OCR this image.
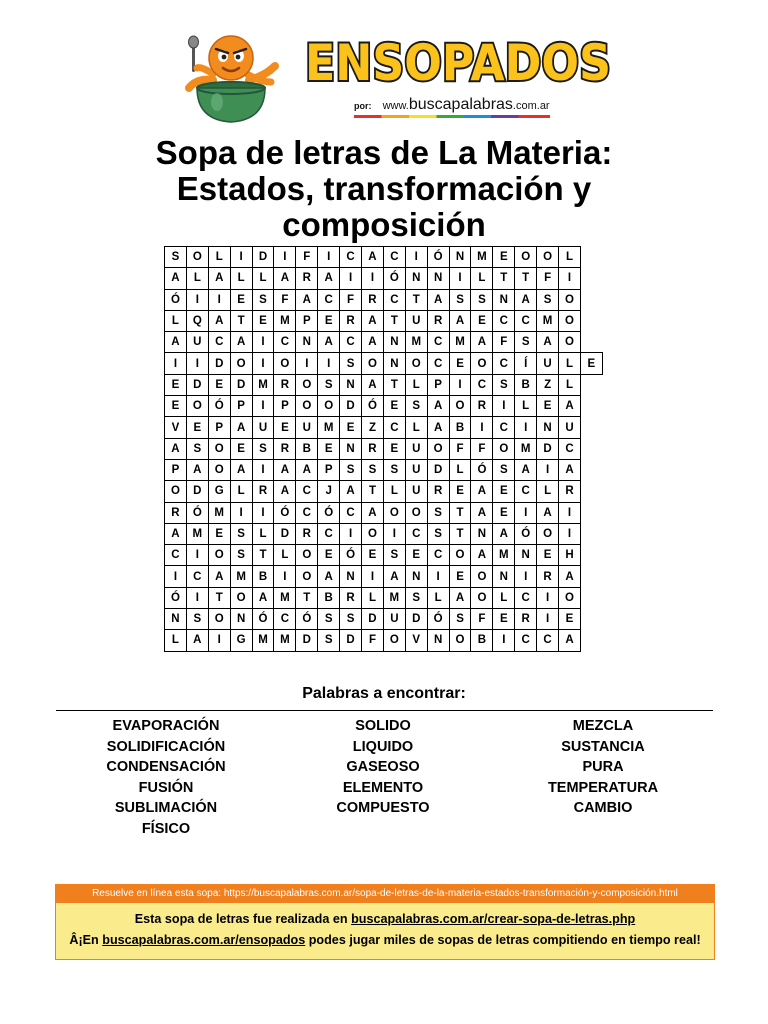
ENSOPADOS
por: www.buscapalabras.com.ar
Sopa de letras de La Materia:
Estados, transformación y
composición
S	O	L	I	D	I	F	I	C	A	C	I	Ó	N	M	E	O	O	L	
A	L	A	L	L	A	R	A	I	I	Ó	N	N	I	L	T	T	F	I	
Ó	I	I	E	S	F	A	C	F	R	C	T	A	S	S	N	A	S	O	
L	Q	A	T	E	M	P	E	R	A	T	U	R	A	E	C	C	M	O	
A	U	C	A	I	C	N	A	C	A	N	M	C	M	A	F	S	A	O	
I	I	D	O	I	O	I	I	S	O	N	O	C	E	O	C	Í	U	L	E
E	D	E	D	M	R	O	S	N	A	T	L	P	I	C	S	B	Z	L	
E	O	Ó	P	I	P	O	O	D	Ó	E	S	A	O	R	I	L	E	A	
V	E	P	A	U	E	U	M	E	Z	C	L	A	B	I	C	I	N	U	
A	S	O	E	S	R	B	E	N	R	E	U	O	F	F	O	M	D	C	
P	A	O	A	I	A	A	P	S	S	S	U	D	L	Ó	S	A	I	A	
O	D	G	L	R	A	C	J	A	T	L	U	R	E	A	E	C	L	R	
R	Ó	M	I	I	Ó	C	Ó	C	A	O	O	S	T	A	E	I	A	I	
A	M	E	S	L	D	R	C	I	O	I	C	S	T	N	A	Ó	O	I	
C	I	O	S	T	L	O	E	Ó	E	S	E	C	O	A	M	N	E	H	
I	C	A	M	B	I	O	A	N	I	A	N	I	E	O	N	I	R	A	
Ó	I	T	O	A	M	T	B	R	L	M	S	L	A	O	L	C	I	O	
N	S	O	N	Ó	C	Ó	S	S	D	U	D	Ó	S	F	E	R	I	E	
L	A	I	G	M	M	D	S	D	F	O	V	N	O	B	I	C	C	A	
Palabras a encontrar:
EVAPORACIÓN
SOLIDIFICACIÓN
CONDENSACIÓN
FUSIÓN
SUBLIMACIÓN
FÍSICO
SOLIDO
LIQUIDO
GASEOSO
ELEMENTO
COMPUESTO
MEZCLA
SUSTANCIA
PURA
TEMPERATURA
CAMBIO
Resuelve en línea esta sopa: https://buscapalabras.com.ar/sopa-de-letras-de-la-materia-estados-transformación-y-composición.html

Esta sopa de letras fue realizada en buscapalabras.com.ar/crear-sopa-de-letras.php

Â¡En buscapalabras.com.ar/ensopados podes jugar miles de sopas de letras compitiendo en tiempo real!
